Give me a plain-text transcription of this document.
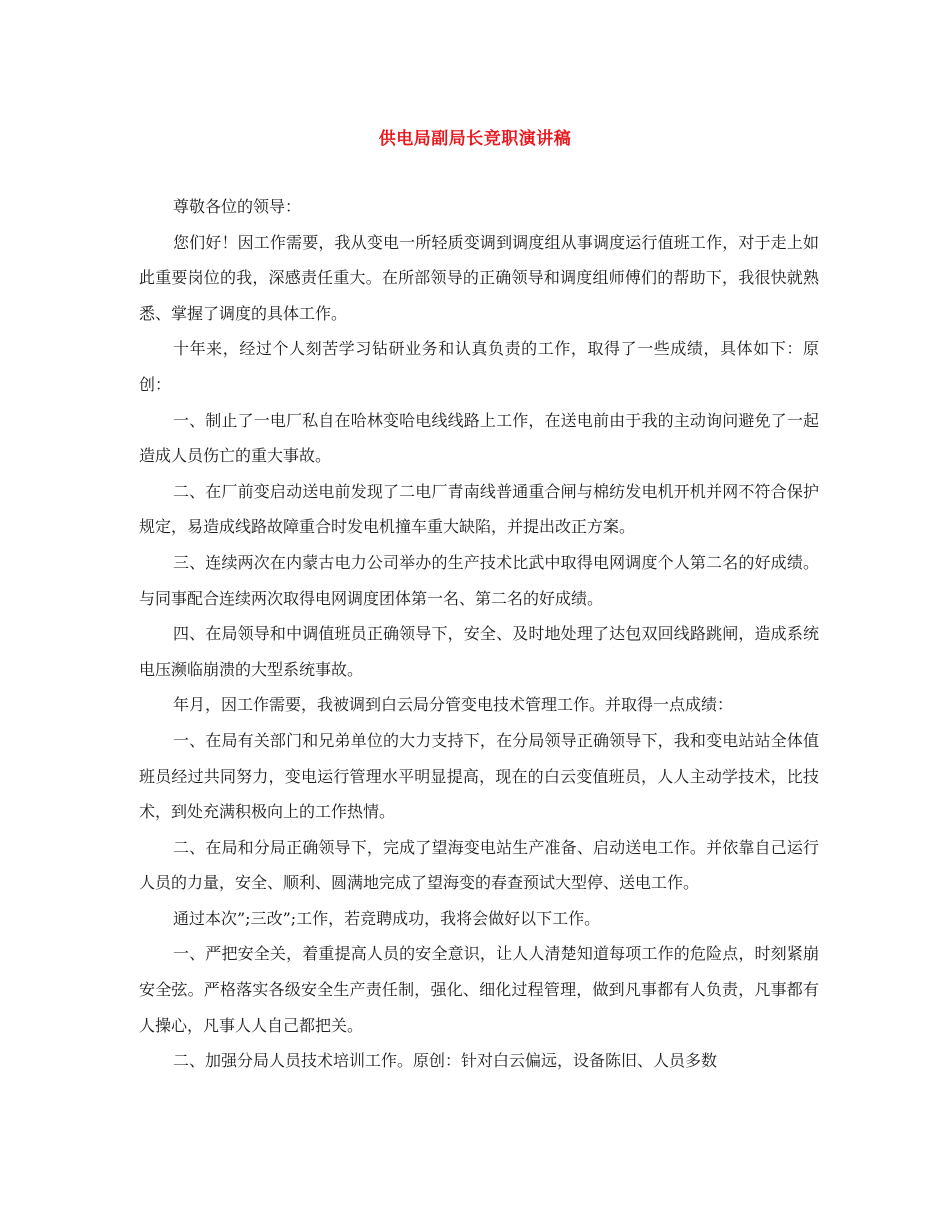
供电局副局长竞职演讲稿

尊敬各位的领导：

您们好！因工作需要，我从变电一所轻质变调到调度组从事调度运行值班工作，对于走上如此重要岗位的我，深感责任重大。在所部领导的正确领导和调度组师傅们的帮助下，我很快就熟悉、掌握了调度的具体工作。

十年来，经过个人刻苦学习钻研业务和认真负责的工作，取得了一些成绩，具体如下：原创：

一、制止了一电厂私自在哈林变哈电线线路上工作，在送电前由于我的主动询问避免了一起造成人员伤亡的重大事故。

二、在厂前变启动送电前发现了二电厂青南线普通重合闸与棉纺发电机开机并网不符合保护规定，易造成线路故障重合时发电机撞车重大缺陷，并提出改正方案。

三、连续两次在内蒙古电力公司举办的生产技术比武中取得电网调度个人第二名的好成绩。与同事配合连续两次取得电网调度团体第一名、第二名的好成绩。

四、在局领导和中调值班员正确领导下，安全、及时地处理了达包双回线路跳闸，造成系统电压濒临崩溃的大型系统事故。

年月，因工作需要，我被调到白云局分管变电技术管理工作。并取得一点成绩：

一、在局有关部门和兄弟单位的大力支持下，在分局领导正确领导下，我和变电站站全体值班员经过共同努力，变电运行管理水平明显提高，现在的白云变值班员，人人主动学技术，比技术，到处充满积极向上的工作热情。

二、在局和分局正确领导下，完成了望海变电站生产准备、启动送电工作。并依靠自己运行人员的力量，安全、顺利、圆满地完成了望海变的春查预试大型停、送电工作。

通过本次”;三改”;工作，若竞聘成功，我将会做好以下工作。

一、严把安全关，着重提高人员的安全意识，让人人清楚知道每项工作的危险点，时刻紧崩安全弦。严格落实各级安全生产责任制，强化、细化过程管理，做到凡事都有人负责，凡事都有人操心，凡事人人自己都把关。

二、加强分局人员技术培训工作。原创：针对白云偏远，设备陈旧、人员多数
